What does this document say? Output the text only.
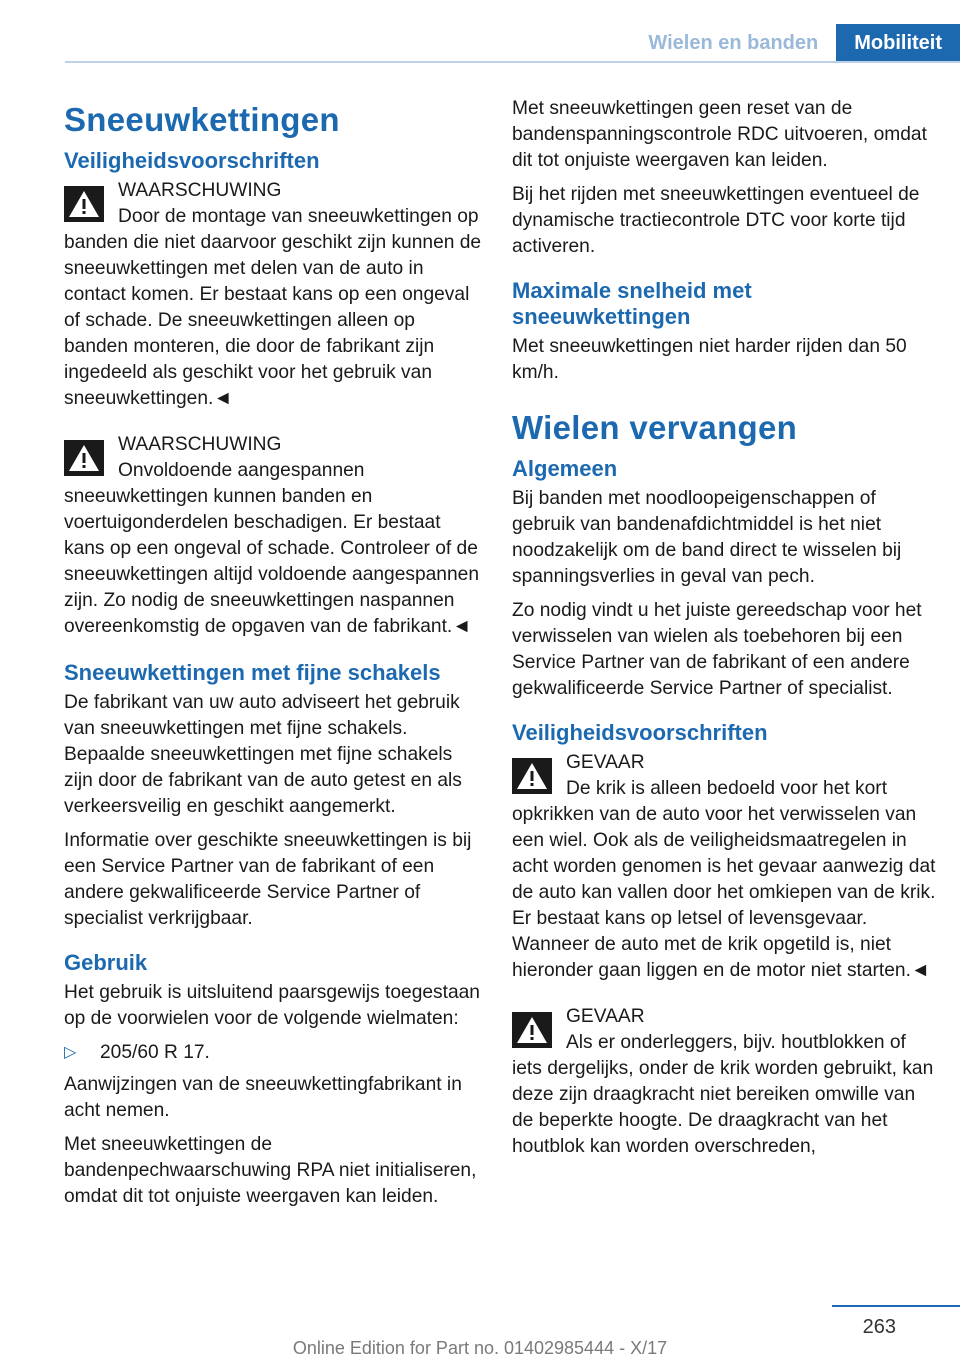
Wielen en banden	Mobiliteit
Sneeuwkettingen
Veiligheidsvoorschriften
WAARSCHUWING
Door de montage van sneeuwkettingen op banden die niet daarvoor geschikt zijn kunnen de sneeuwkettingen met delen van de auto in contact komen. Er bestaat kans op een ongeval of schade. De sneeuwkettingen alleen op banden monteren, die door de fabrikant zijn ingedeeld als geschikt voor het gebruik van sneeuwkettingen.◄
WAARSCHUWING
Onvoldoende aangespannen sneeuwkettingen kunnen banden en voertuigonderdelen beschadigen. Er bestaat kans op een ongeval of schade. Controleer of de sneeuwkettingen altijd voldoende aangespannen zijn. Zo nodig de sneeuwkettingen naspannen overeenkomstig de opgaven van de fabrikant.◄
Sneeuwkettingen met fijne schakels

De fabrikant van uw auto adviseert het gebruik van sneeuwkettingen met fijne schakels. Bepaalde sneeuwkettingen met fijne schakels zijn door de fabrikant van de auto getest en als verkeersveilig en geschikt aangemerkt.

Informatie over geschikte sneeuwkettingen is bij een Service Partner van de fabrikant of een andere gekwalificeerde Service Partner of specialist verkrijgbaar.

Gebruik

Het gebruik is uitsluitend paarsgewijs toegestaan op de voorwielen voor de volgende wielmaten:

▷	205/60 R 17.

Aanwijzingen van de sneeuwkettingfabrikant in acht nemen.

Met sneeuwkettingen de bandenpechwaarschuwing RPA niet initialiseren, omdat dit tot onjuiste weergaven kan leiden.

Met sneeuwkettingen geen reset van de bandenspanningscontrole RDC uitvoeren, omdat dit tot onjuiste weergaven kan leiden.

Bij het rijden met sneeuwkettingen eventueel de dynamische tractiecontrole DTC voor korte tijd activeren.

Maximale snelheid met sneeuwkettingen

Met sneeuwkettingen niet harder rijden dan 50 km/h.

Wielen vervangen
Algemeen

Bij banden met noodloopeigenschappen of gebruik van bandenafdichtmiddel is het niet noodzakelijk om de band direct te wisselen bij spanningsverlies in geval van pech.

Zo nodig vindt u het juiste gereedschap voor het verwisselen van wielen als toebehoren bij een Service Partner van de fabrikant of een andere gekwalificeerde Service Partner of specialist.

Veiligheidsvoorschriften
GEVAAR
De krik is alleen bedoeld voor het kort opkrikken van de auto voor het verwisselen van een wiel. Ook als de veiligheidsmaatregelen in acht worden genomen is het gevaar aanwezig dat de auto kan vallen door het omkiepen van de krik. Er bestaat kans op letsel of levensgevaar. Wanneer de auto met de krik opgetild is, niet hieronder gaan liggen en de motor niet starten.◄
GEVAAR
Als er onderleggers, bijv. houtblokken of iets dergelijks, onder de krik worden gebruikt, kan deze zijn draagkracht niet bereiken omwille van de beperkte hoogte. De draagkracht van het houtblok kan worden overschreden,
263
Online Edition for Part no. 01402985444 - X/17
